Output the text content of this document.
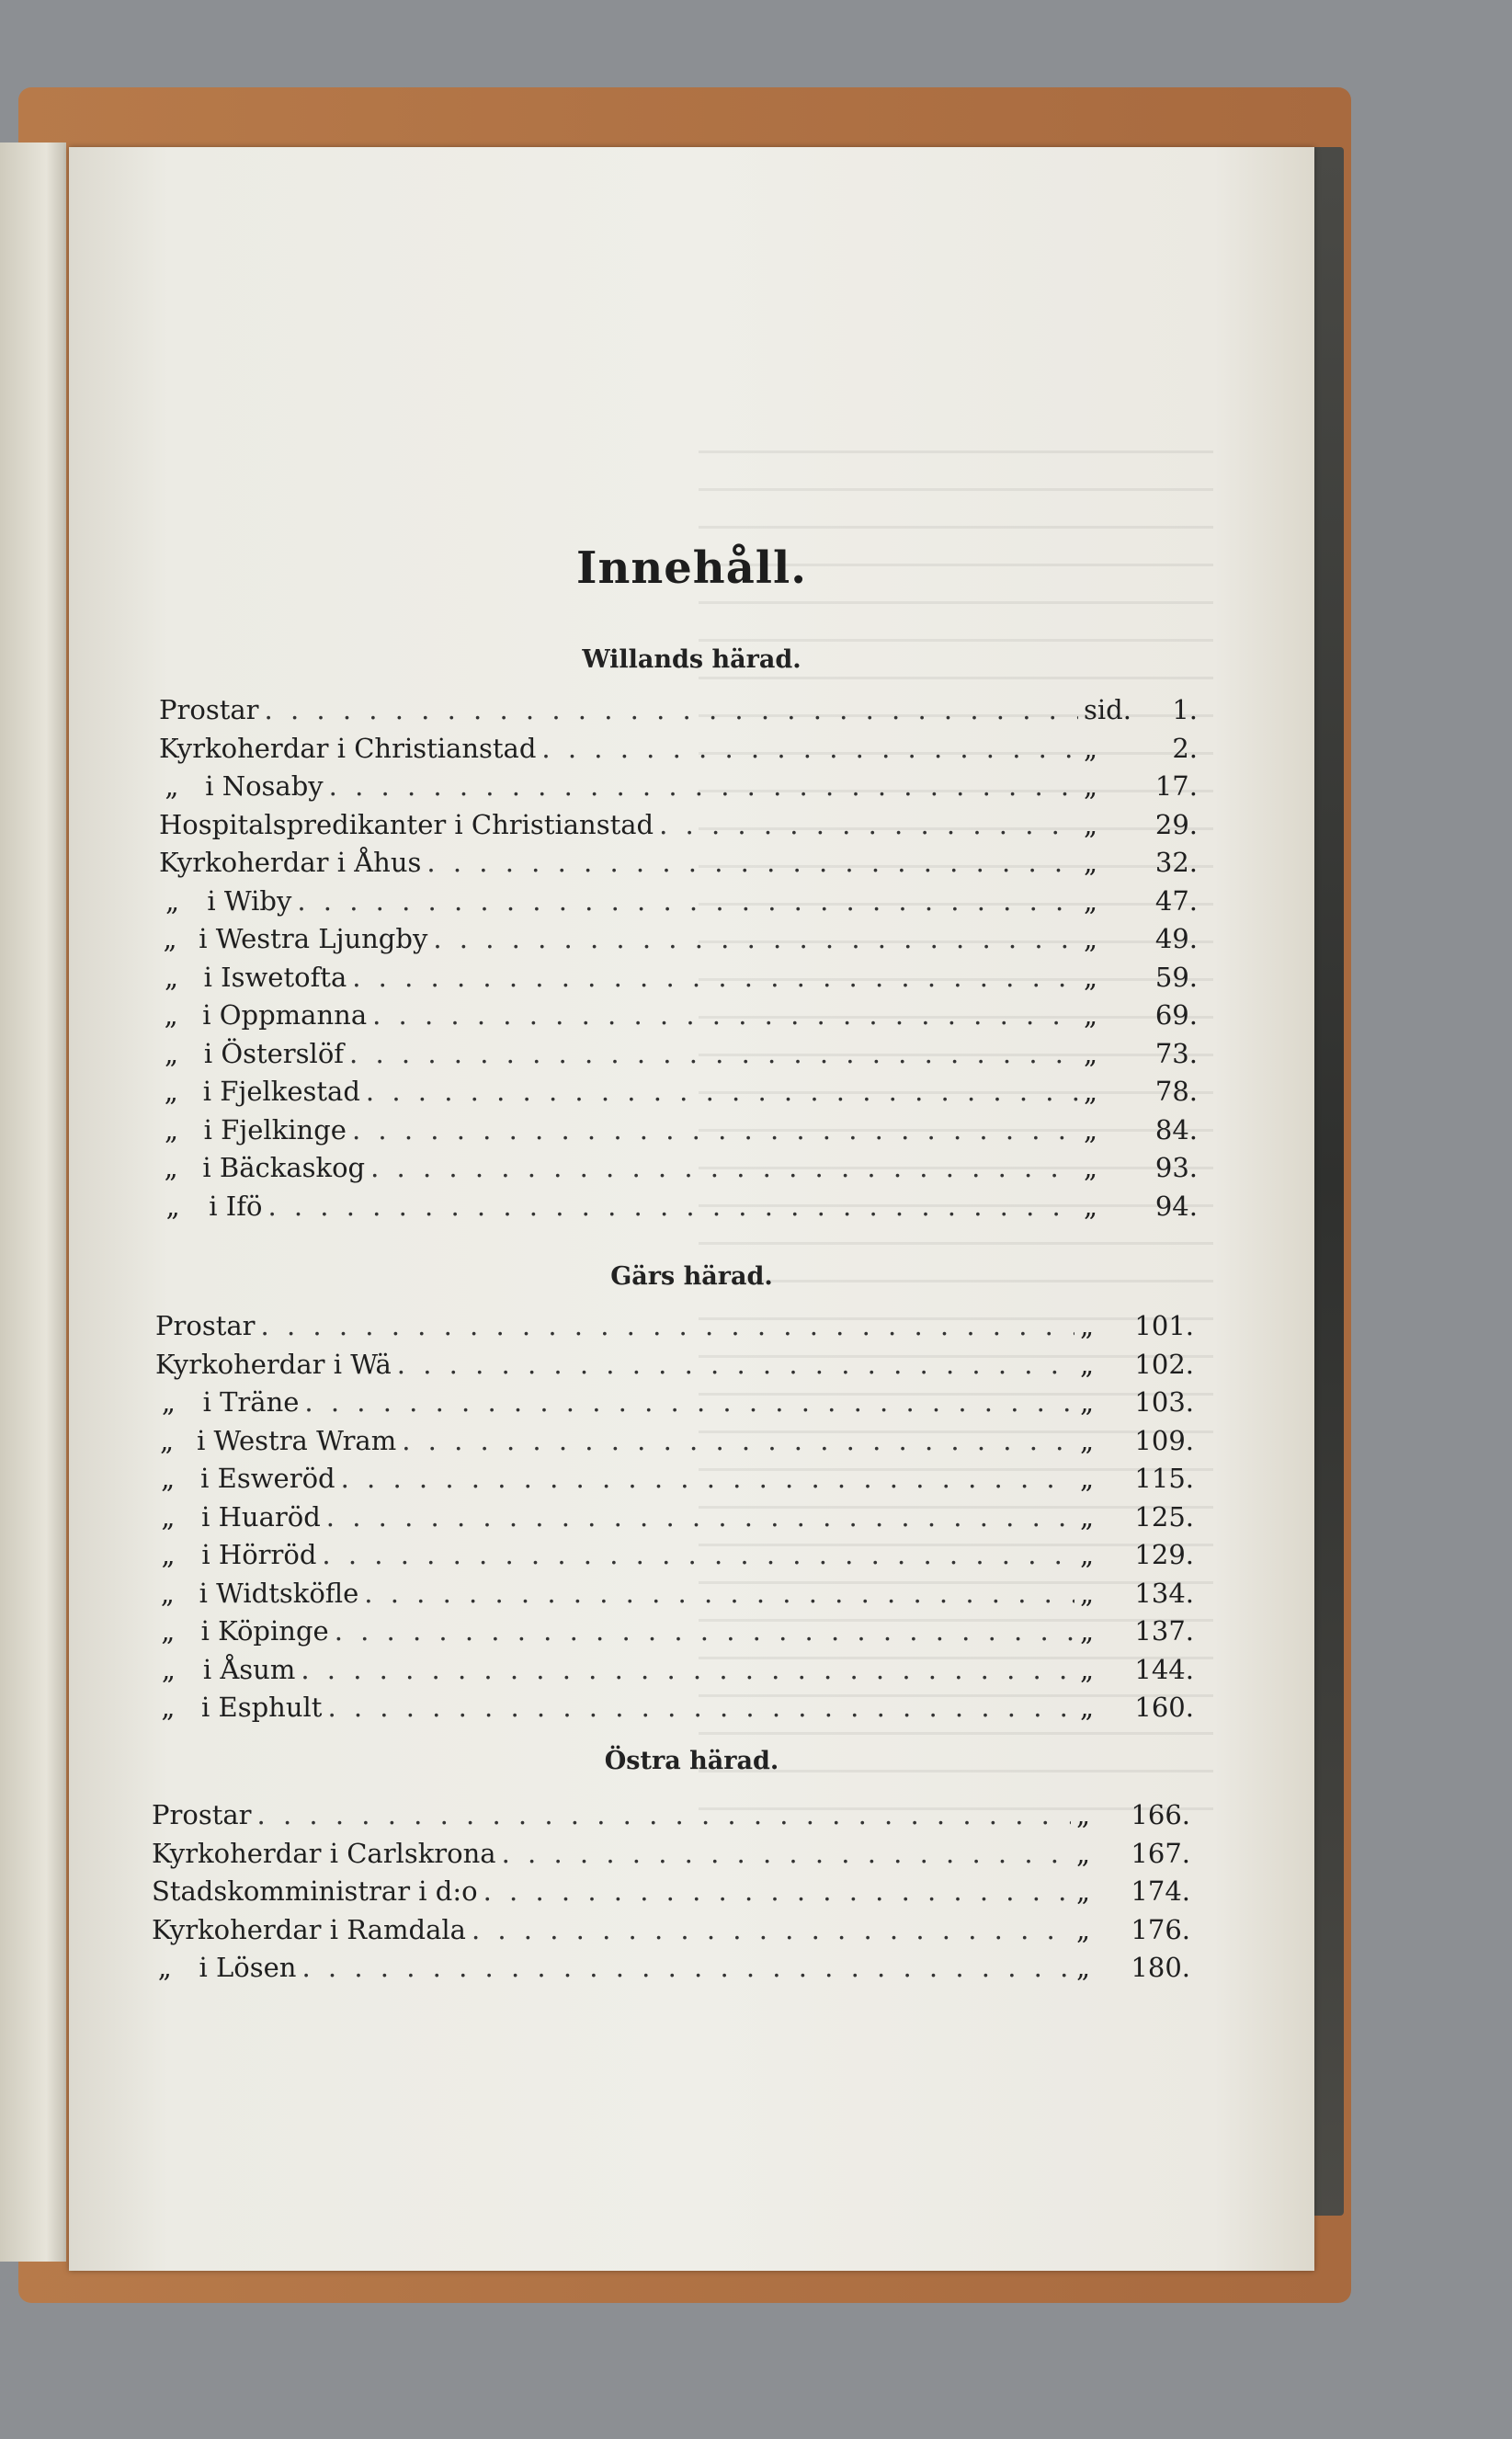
Innehåll.
Willands härad.
Prostar . . .	sid.	1.
Kyrkoherdar i Christianstad . . .	„	2.
„ i Nosaby . . .	„	17.
Hospitalspredikanter i Christianstad . . .	„	29.
Kyrkoherdar i Åhus . . .	„	32.
„ i Wiby . . .	„	47.
„ i Westra Ljungby . . .	„	49.
„ i Iswetofta . . .	„	59.
„ i Oppmanna . . .	„	69.
„ i Österslöf . . .	„	73.
„ i Fjelkestad . . .	„	78.
„ i Fjelkinge . . .	„	84.
„ i Bäckaskog . . .	„	93.
„ i Ifö . . .	„	94.
Gärs härad.
Prostar . . .	„	101.
Kyrkoherdar i Wä . . .	„	102.
„ i Träne . . .	„	103.
„ i Westra Wram . . .	„	109.
„ i Esweröd . . .	„	115.
„ i Huaröd . . .	„	125.
„ i Hörröd . . .	„	129.
„ i Widtsköfle . . .	„	134.
„ i Köpinge . . .	„	137.
„ i Åsum . . .	„	144.
„ i Esphult . . .	„	160.
Östra härad.
Prostar . . .	„	166.
Kyrkoherdar i Carlskrona . . .	„	167.
Stadskomministrar i d:o . . .	„	174.
Kyrkoherdar i Ramdala . . .	„	176.
„ i Lösen . . .	„	180.
